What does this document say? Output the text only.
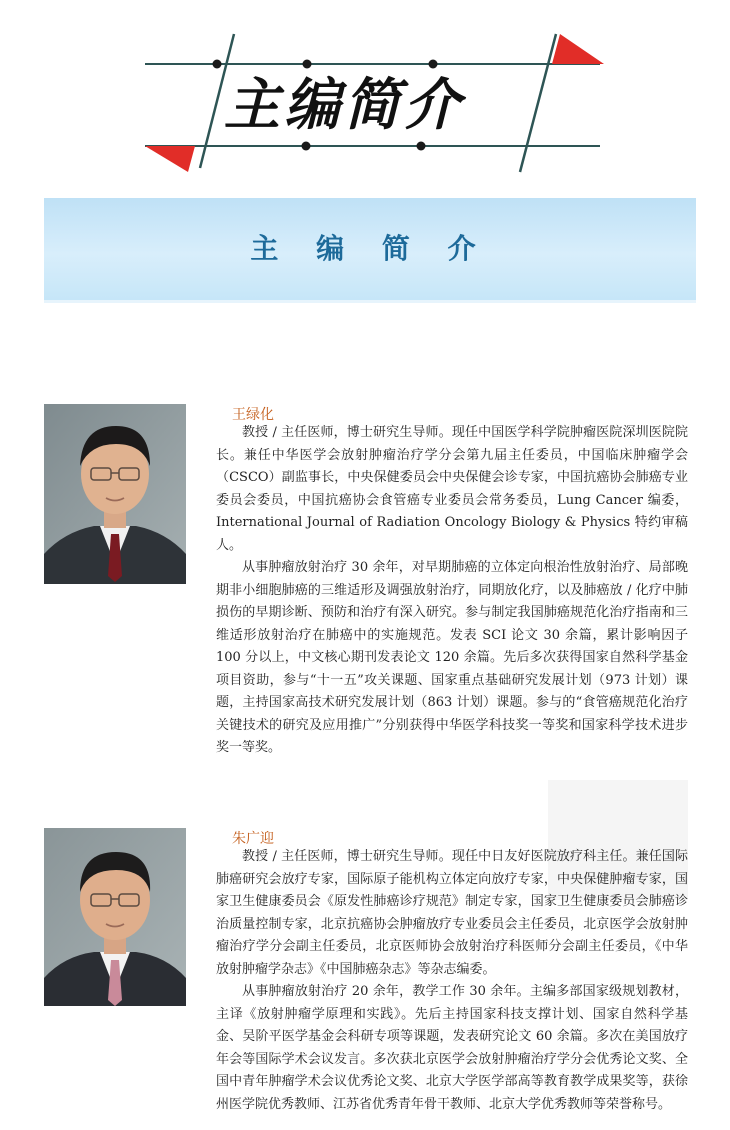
主编简介
主 编 简 介
王绿化

教授 / 主任医师，博士研究生导师。现任中国医学科学院肿瘤医院深圳医院院长。兼任中华医学会放射肿瘤治疗学分会第九届主任委员，中国临床肿瘤学会（CSCO）副监事长，中央保健委员会中央保健会诊专家，中国抗癌协会肺癌专业委员会委员，中国抗癌协会食管癌专业委员会常务委员，Lung Cancer 编委，International Journal of Radiation Oncology Biology & Physics 特约审稿人。

从事肿瘤放射治疗 30 余年，对早期肺癌的立体定向根治性放射治疗、局部晚期非小细胞肺癌的三维适形及调强放射治疗，同期放化疗，以及肺癌放 / 化疗中肺损伤的早期诊断、预防和治疗有深入研究。参与制定我国肺癌规范化治疗指南和三维适形放射治疗在肺癌中的实施规范。发表 SCI 论文 30 余篇，累计影响因子 100 分以上，中文核心期刊发表论文 120 余篇。先后多次获得国家自然科学基金项目资助，参与“十一五”攻关课题、国家重点基础研究发展计划（973 计划）课题，主持国家高技术研究发展计划（863 计划）课题。参与的“食管癌规范化治疗关键技术的研究及应用推广”分别获得中华医学科技奖一等奖和国家科学技术进步奖一等奖。

朱广迎

教授 / 主任医师，博士研究生导师。现任中日友好医院放疗科主任。兼任国际肺癌研究会放疗专家，国际原子能机构立体定向放疗专家，中央保健肿瘤专家，国家卫生健康委员会《原发性肺癌诊疗规范》制定专家，国家卫生健康委员会肺癌诊治质量控制专家，北京抗癌协会肿瘤放疗专业委员会主任委员，北京医学会放射肿瘤治疗学分会副主任委员，北京医师协会放射治疗科医师分会副主任委员，《中华放射肿瘤学杂志》《中国肺癌杂志》等杂志编委。

从事肿瘤放射治疗 20 余年，教学工作 30 余年。主编多部国家级规划教材，主译《放射肿瘤学原理和实践》。先后主持国家科技支撑计划、国家自然科学基金、吴阶平医学基金会科研专项等课题，发表研究论文 60 余篇。多次在美国放疗年会等国际学术会议发言。多次获北京医学会放射肿瘤治疗学分会优秀论文奖、全国中青年肿瘤学术会议优秀论文奖、北京大学医学部高等教育教学成果奖等，获徐州医学院优秀教师、江苏省优秀青年骨干教师、北京大学优秀教师等荣誉称号。
